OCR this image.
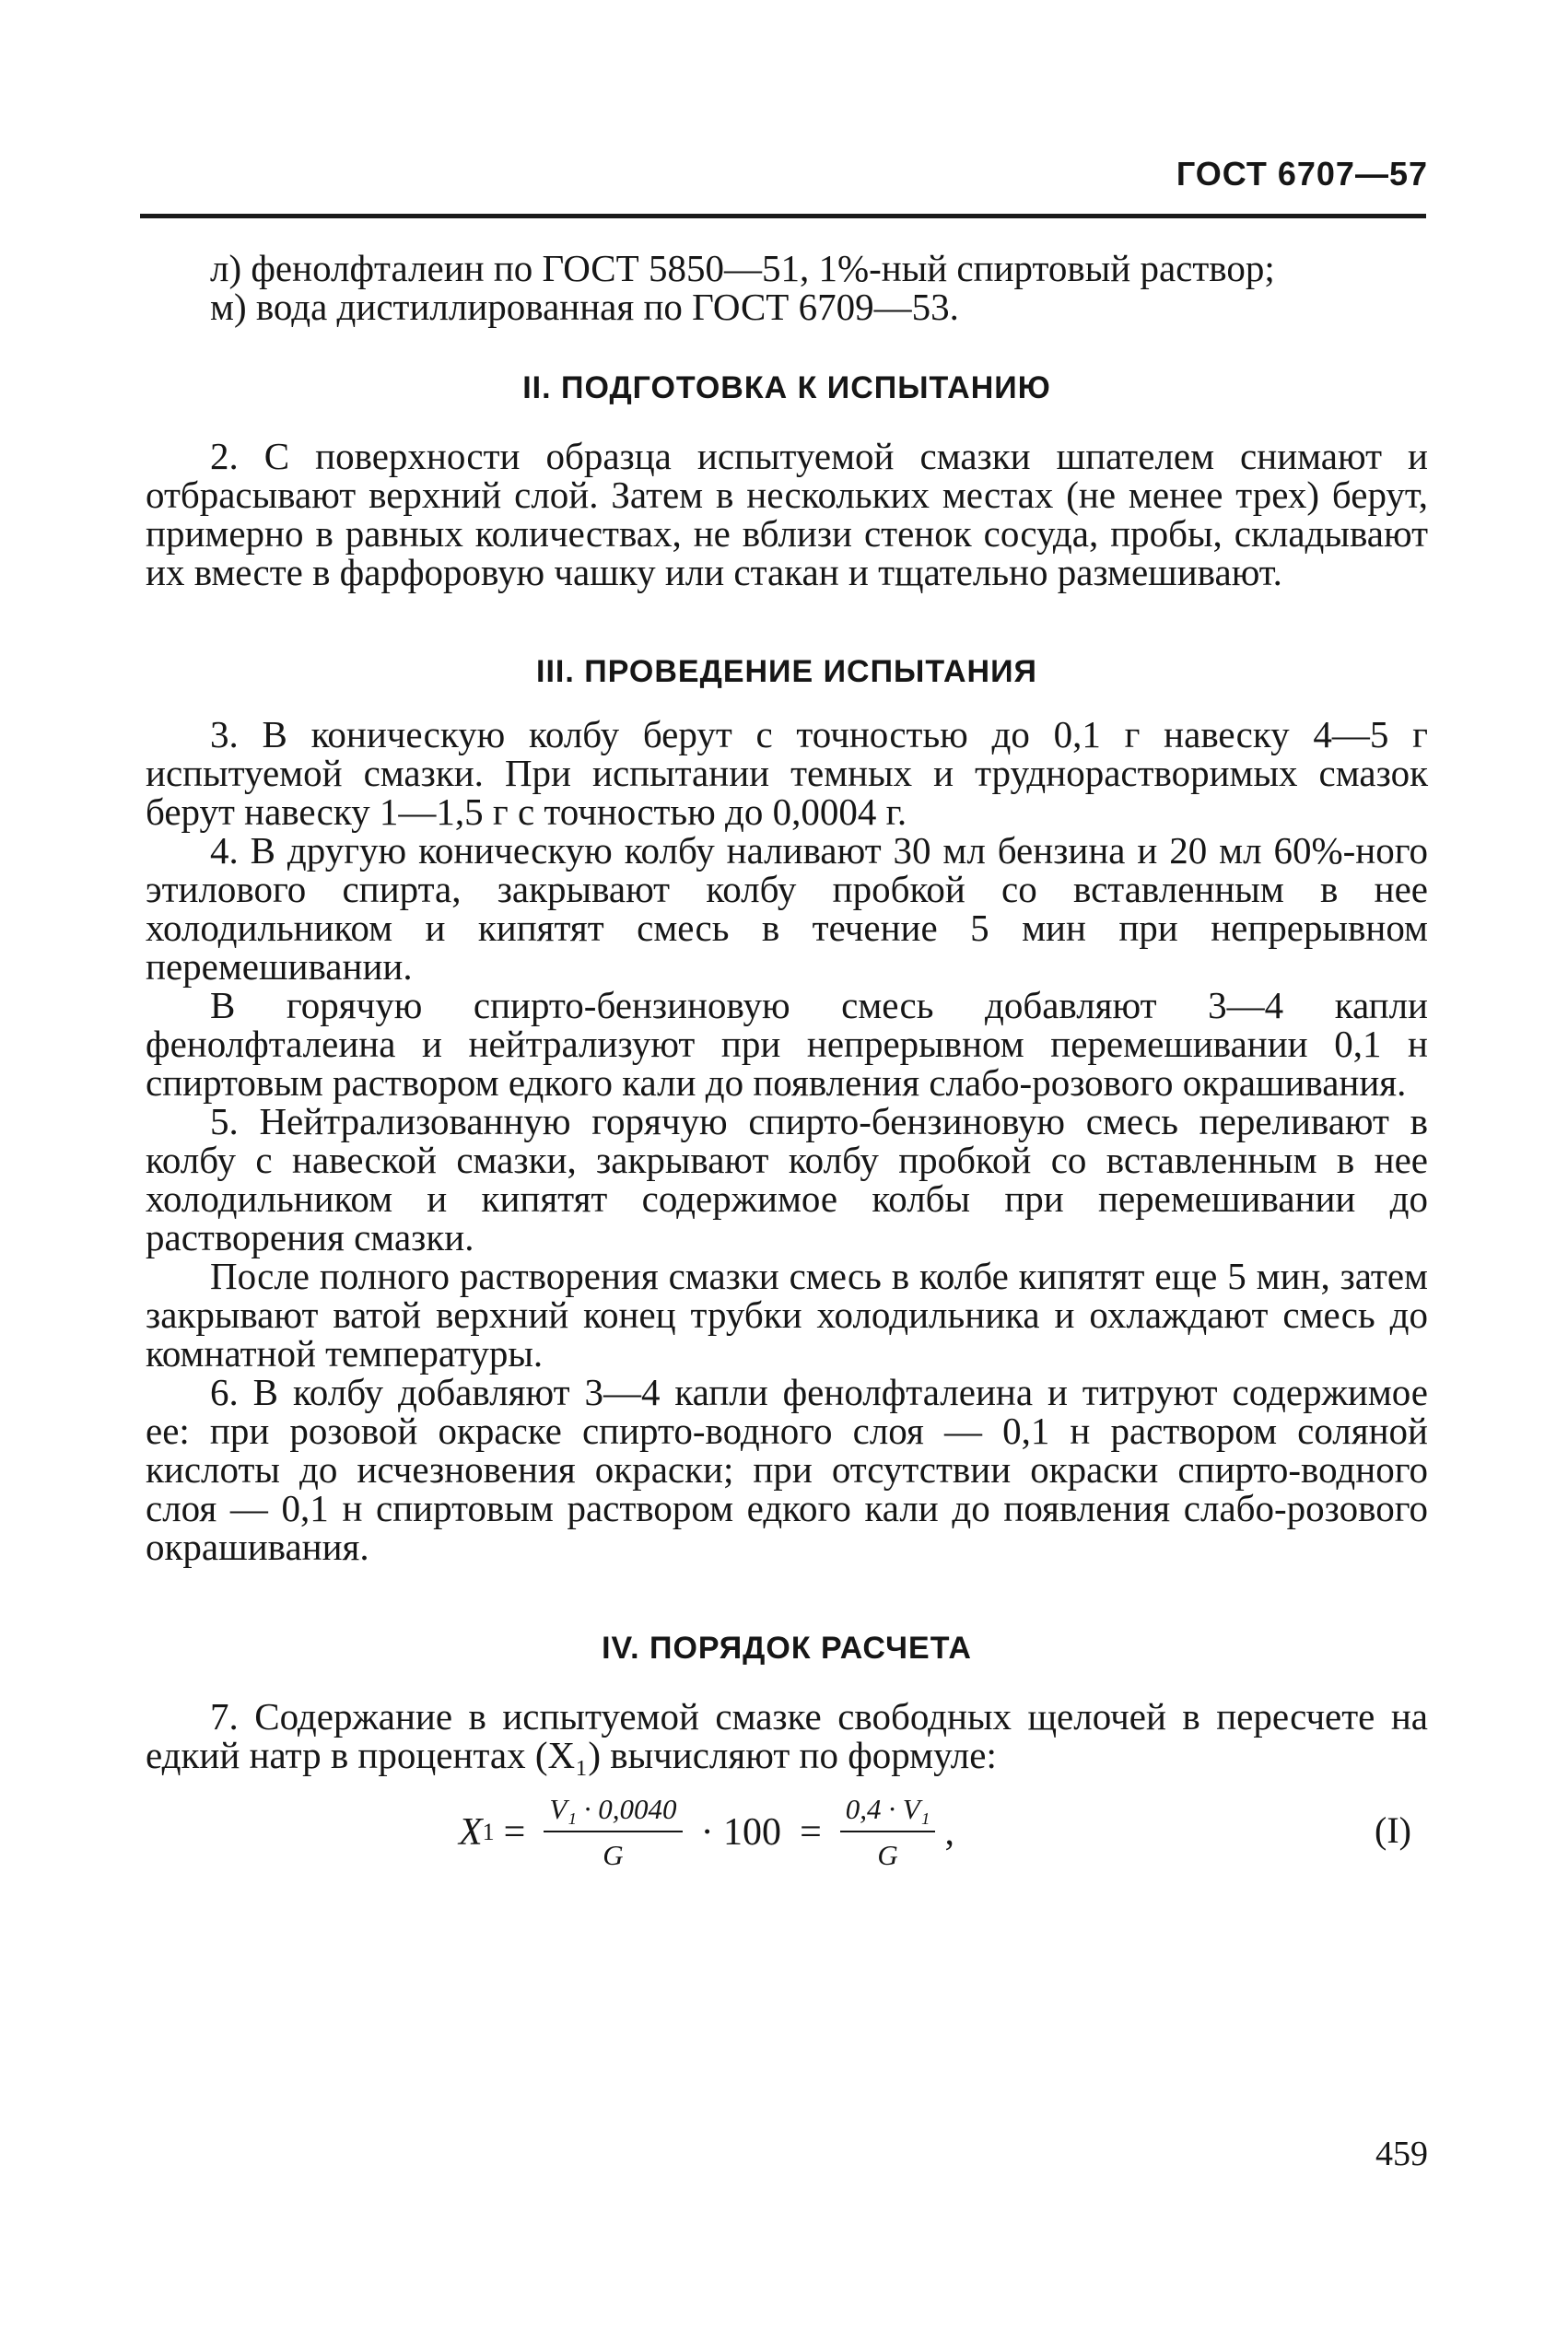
ГОСТ 6707—57

л) фенолфталеин по ГОСТ 5850—51, 1%-ный спиртовый раствор;

м) вода дистиллированная по ГОСТ 6709—53.

II. ПОДГОТОВКА К ИСПЫТАНИЮ

2. С поверхности образца испытуемой смазки шпателем снимают и отбрасывают верхний слой. Затем в нескольких местах (не менее трех) берут, примерно в равных количествах, не вблизи стенок сосуда, пробы, складывают их вместе в фарфоровую чашку или стакан и тщательно размешивают.

III. ПРОВЕДЕНИЕ ИСПЫТАНИЯ

3. В коническую колбу берут с точностью до 0,1 г навеску 4—5 г испытуемой смазки. При испытании темных и труднорастворимых смазок берут навеску 1—1,5 г с точностью до 0,0004 г.

4. В другую коническую колбу наливают 30 мл бензина и 20 мл 60%-ного этилового спирта, закрывают колбу пробкой со вставленным в нее холодильником и кипятят смесь в течение 5 мин при непрерывном перемешивании.

В горячую спирто-бензиновую смесь добавляют 3—4 капли фенолфталеина и нейтрализуют при непрерывном перемешивании 0,1 н спиртовым раствором едкого кали до появления слабо-розового окрашивания.

5. Нейтрализованную горячую спирто-бензиновую смесь переливают в колбу с навеской смазки, закрывают колбу пробкой со вставленным в нее холодильником и кипятят содержимое колбы при перемешивании до растворения смазки.

После полного растворения смазки смесь в колбе кипятят еще 5 мин, затем закрывают ватой верхний конец трубки холодильника и охлаждают смесь до комнатной температуры.

6. В колбу добавляют 3—4 капли фенолфталеина и титруют содержимое ее: при розовой окраске спирто-водного слоя — 0,1 н раствором соляной кислоты до исчезновения окраски; при отсутствии окраски спирто-водного слоя — 0,1 н спиртовым раствором едкого кали до появления слабо-розового окрашивания.

IV. ПОРЯДОК РАСЧЕТА

7. Содержание в испытуемой смазке свободных щелочей в пересчете на едкий натр в процентах (X₁) вычисляют по формуле:

X $1 = \frac{\text{V₁ · 0,0040}}{G} \cdot 100 = \frac{\text{0,4 · V₁}}{G}$ ,	(I)
459
